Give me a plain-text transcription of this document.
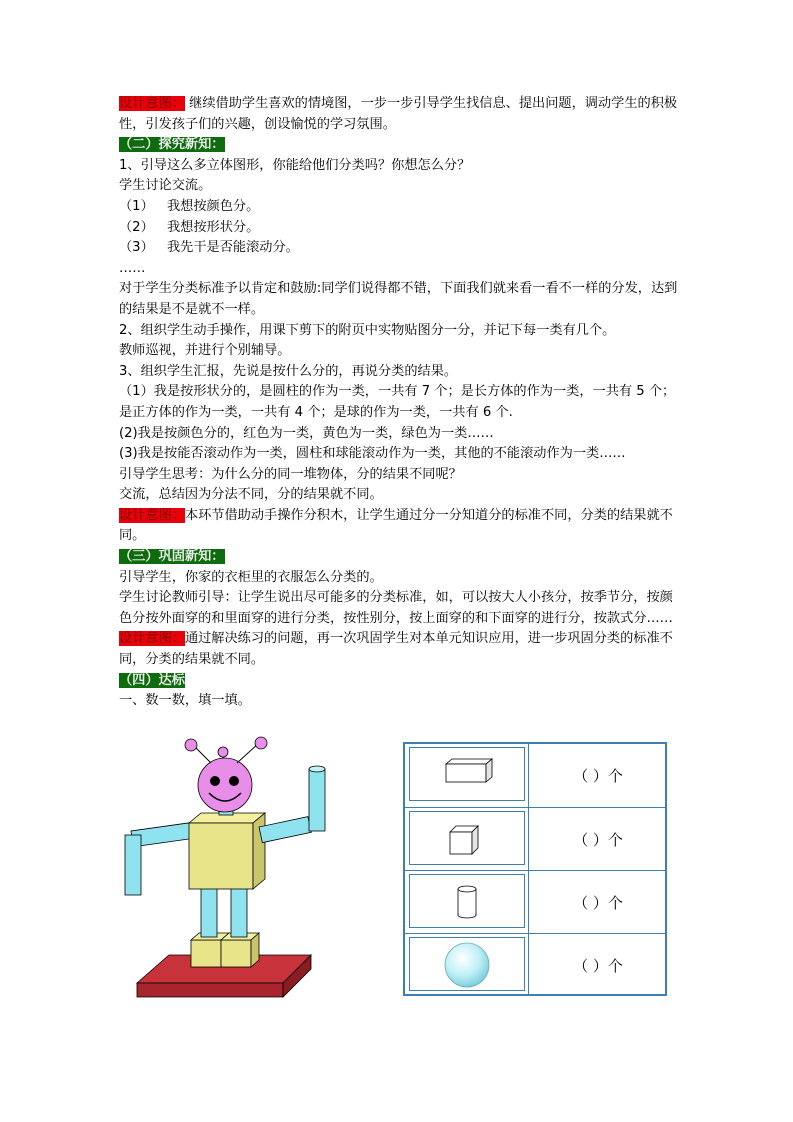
设计意图： 继续借助学生喜欢的情境图，一步一步引导学生找信息、提出问题，调动学生的积极性，引发孩子们的兴趣，创设愉悦的学习氛围。

（二）探究新知：

1、引导这么多立体图形，你能给他们分类吗？你想怎么分？

学生讨论交流。

（1）	我想按颜色分。
（2）	我想按形状分。
（3）	我先干是否能滚动分。

……

对于学生分类标准予以肯定和鼓励:同学们说得都不错，下面我们就来看一看不一样的分发，达到的结果是不是就不一样。

2、组织学生动手操作，用课下剪下的附页中实物贴图分一分，并记下每一类有几个。

教师巡视，并进行个别辅导。

3、组织学生汇报，先说是按什么分的，再说分类的结果。

（1）我是按形状分的，是圆柱的作为一类，一共有 7 个；是长方体的作为一类，一共有 5 个；是正方体的作为一类，一共有 4 个；是球的作为一类，一共有 6 个.

(2)我是按颜色分的，红色为一类，黄色为一类，绿色为一类……

(3)我是按能否滚动作为一类，圆柱和球能滚动作为一类，其他的不能滚动作为一类……

引导学生思考：为什么分的同一堆物体，分的结果不同呢？

交流，总结因为分法不同，分的结果就不同。

设计意图：本环节借助动手操作分积木，让学生通过分一分知道分的标准不同，分类的结果就不同。

（三）巩固新知：

引导学生，你家的衣柜里的衣服怎么分类的。

学生讨论教师引导：让学生说出尽可能多的分类标准，如，可以按大人小孩分，按季节分，按颜色分按外面穿的和里面穿的进行分类，按性别分，按上面穿的和下面穿的进行分，按款式分……

设计意图：通过解决练习的问题，再一次巩固学生对本单元知识应用，进一步巩固分类的标准不同，分类的结果就不同。

（四）达标

一、数一数，填一填。

（ ）个
（ ）个
（ ）个
（ ）个
